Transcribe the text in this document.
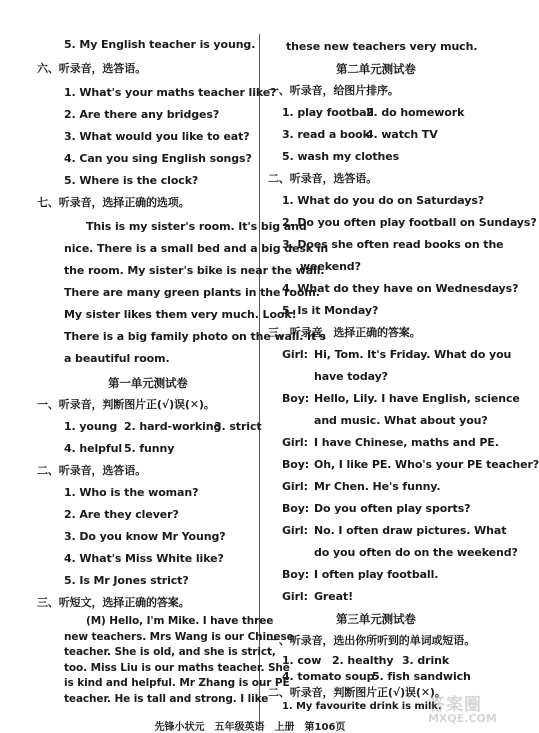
5. My English teacher is young.
六、听录音，选答语。
1. What's your maths teacher like?
2. Are there any bridges?
3. What would you like to eat?
4. Can you sing English songs?
5. Where is the clock?
七、听录音，选择正确的选项。
This is my sister's room. It's big and
nice. There is a small bed and a big desk in
the room. My sister's bike is near the wall.
There are many green plants in the room.
My sister likes them very much. Look!
There is a big family photo on the wall. It's
a beautiful room.
第一单元测试卷
一、听录音，判断图片正(√)误(✕)。
1. young 2. hard-working
3. strict
4. helpful 5. funny
二、听录音，选答语。
1. Who is the woman?
2. Are they clever?
3. Do you know Mr Young?
4. What's Miss White like?
5. Is Mr Jones strict?
三、听短文，选择正确的答案。
these new teachers very much.
第二单元测试卷
一、听录音，给图片排序。
1. play football
2. do homework
3. read a book
4. watch TV
5. wash my clothes
二、听录音，选答语。
1. What do you do on Saturdays?
2. Do you often play football on Sundays?
3. Does she often read books on the
weekend?
4. What do they have on Wednesdays?
5. Is it Monday?
三、听录音，选择正确的答案。
Girl: Hi, Tom. It's Friday. What do you
have today?
Boy: Hello, Lily. I have English, science
and music. What about you?
Girl: I have Chinese, maths and PE.
Boy: Oh, I like PE. Who's your PE teacher?
Girl: Mr Chen. He's funny.
Boy: Do you often play sports?
Girl: No. I often draw pictures. What
do you often do on the weekend?
Boy: I often play football.
Girl: Great!
(M) Hello, I'm Mike. I have three
new teachers. Mrs Wang is our Chinese
teacher. She is old, and she is strict,
too. Miss Liu is our maths teacher. She
is kind and helpful. Mr Zhang is our PE
teacher. He is tall and strong. I like
第三单元测试卷
一、听录音，选出你所听到的单词或短语。
1. cow 2. healthy 3. drink
4. tomato soup
5. fish sandwich
二、听录音，判断图片正(√)误(✕)。
1. My favourite drink is milk.
先锋小状元　五年级英语　上册　第106页
答案圈
MXQE.COM
